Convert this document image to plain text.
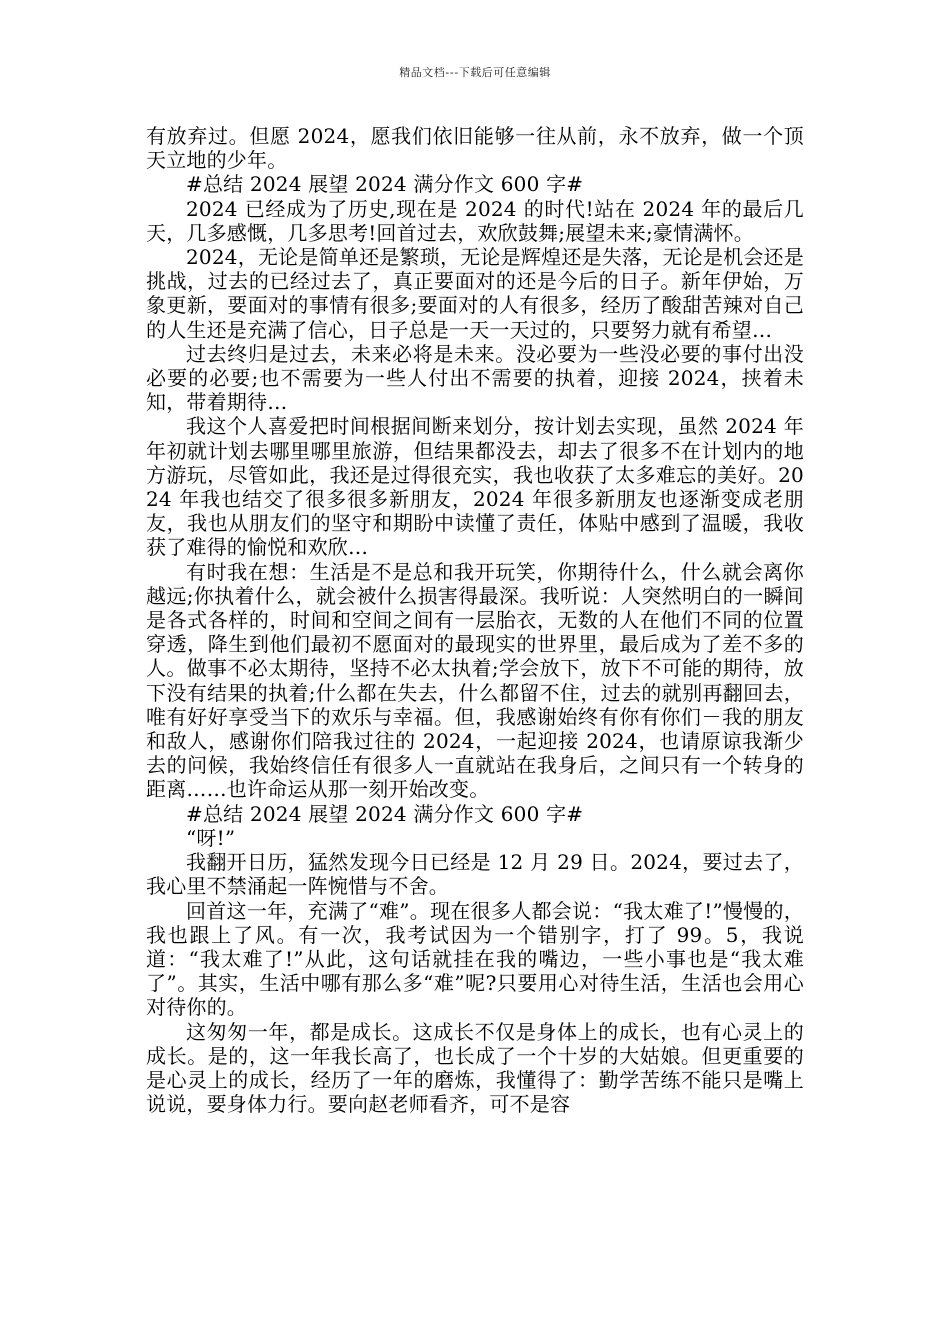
精品文档---下载后可任意编辑

有放弃过。但愿 2024，愿我们依旧能够一往从前，永不放弃，做一个顶天立地的少年。

#总结 2024 展望 2024 满分作文 600 字#

2024 已经成为了历史,现在是 2024 的时代!站在 2024 年的最后几天，几多感慨，几多思考!回首过去，欢欣鼓舞;展望未来;豪情满怀。

2024，无论是简单还是繁琐，无论是辉煌还是失落，无论是机会还是挑战，过去的已经过去了，真正要面对的还是今后的日子。新年伊始，万象更新，要面对的事情有很多;要面对的人有很多，经历了酸甜苦辣对自己的人生还是充满了信心，日子总是一天一天过的，只要努力就有希望…

过去终归是过去，未来必将是未来。没必要为一些没必要的事付出没必要的必要;也不需要为一些人付出不需要的执着，迎接 2024，挟着未知，带着期待…

我这个人喜爱把时间根据间断来划分，按计划去实现，虽然 2024 年年初就计划去哪里哪里旅游，但结果都没去，却去了很多不在计划内的地方游玩，尽管如此，我还是过得很充实，我也收获了太多难忘的美好。2024 年我也结交了很多很多新朋友，2024 年很多新朋友也逐渐变成老朋友，我也从朋友们的坚守和期盼中读懂了责任，体贴中感到了温暖，我收获了难得的愉悦和欢欣…

有时我在想：生活是不是总和我开玩笑，你期待什么，什么就会离你越远;你执着什么，就会被什么损害得最深。我听说：人突然明白的一瞬间是各式各样的，时间和空间之间有一层胎衣，无数的人在他们不同的位置穿透，降生到他们最初不愿面对的最现实的世界里，最后成为了差不多的人。做事不必太期待，坚持不必太执着;学会放下，放下不可能的期待，放下没有结果的执着;什么都在失去，什么都留不住，过去的就别再翻回去，唯有好好享受当下的欢乐与幸福。但，我感谢始终有你有你们－我的朋友和敌人，感谢你们陪我过往的 2024，一起迎接 2024，也请原谅我渐少去的问候，我始终信任有很多人一直就站在我身后，之间只有一个转身的距离……也许命运从那一刻开始改变。

#总结 2024 展望 2024 满分作文 600 字#

“呀!”

我翻开日历，猛然发现今日已经是 12 月 29 日。2024，要过去了，我心里不禁涌起一阵惋惜与不舍。

回首这一年，充满了“难”。现在很多人都会说：“我太难了!”慢慢的，我也跟上了风。有一次，我考试因为一个错别字，打了 99。5，我说道：“我太难了!”从此，这句话就挂在我的嘴边，一些小事也是“我太难了”。其实，生活中哪有那么多“难”呢?只要用心对待生活，生活也会用心对待你的。

这匆匆一年，都是成长。这成长不仅是身体上的成长，也有心灵上的成长。是的，这一年我长高了，也长成了一个十岁的大姑娘。但更重要的是心灵上的成长，经历了一年的磨炼，我懂得了：勤学苦练不能只是嘴上说说，要身体力行。要向赵老师看齐，可不是容
